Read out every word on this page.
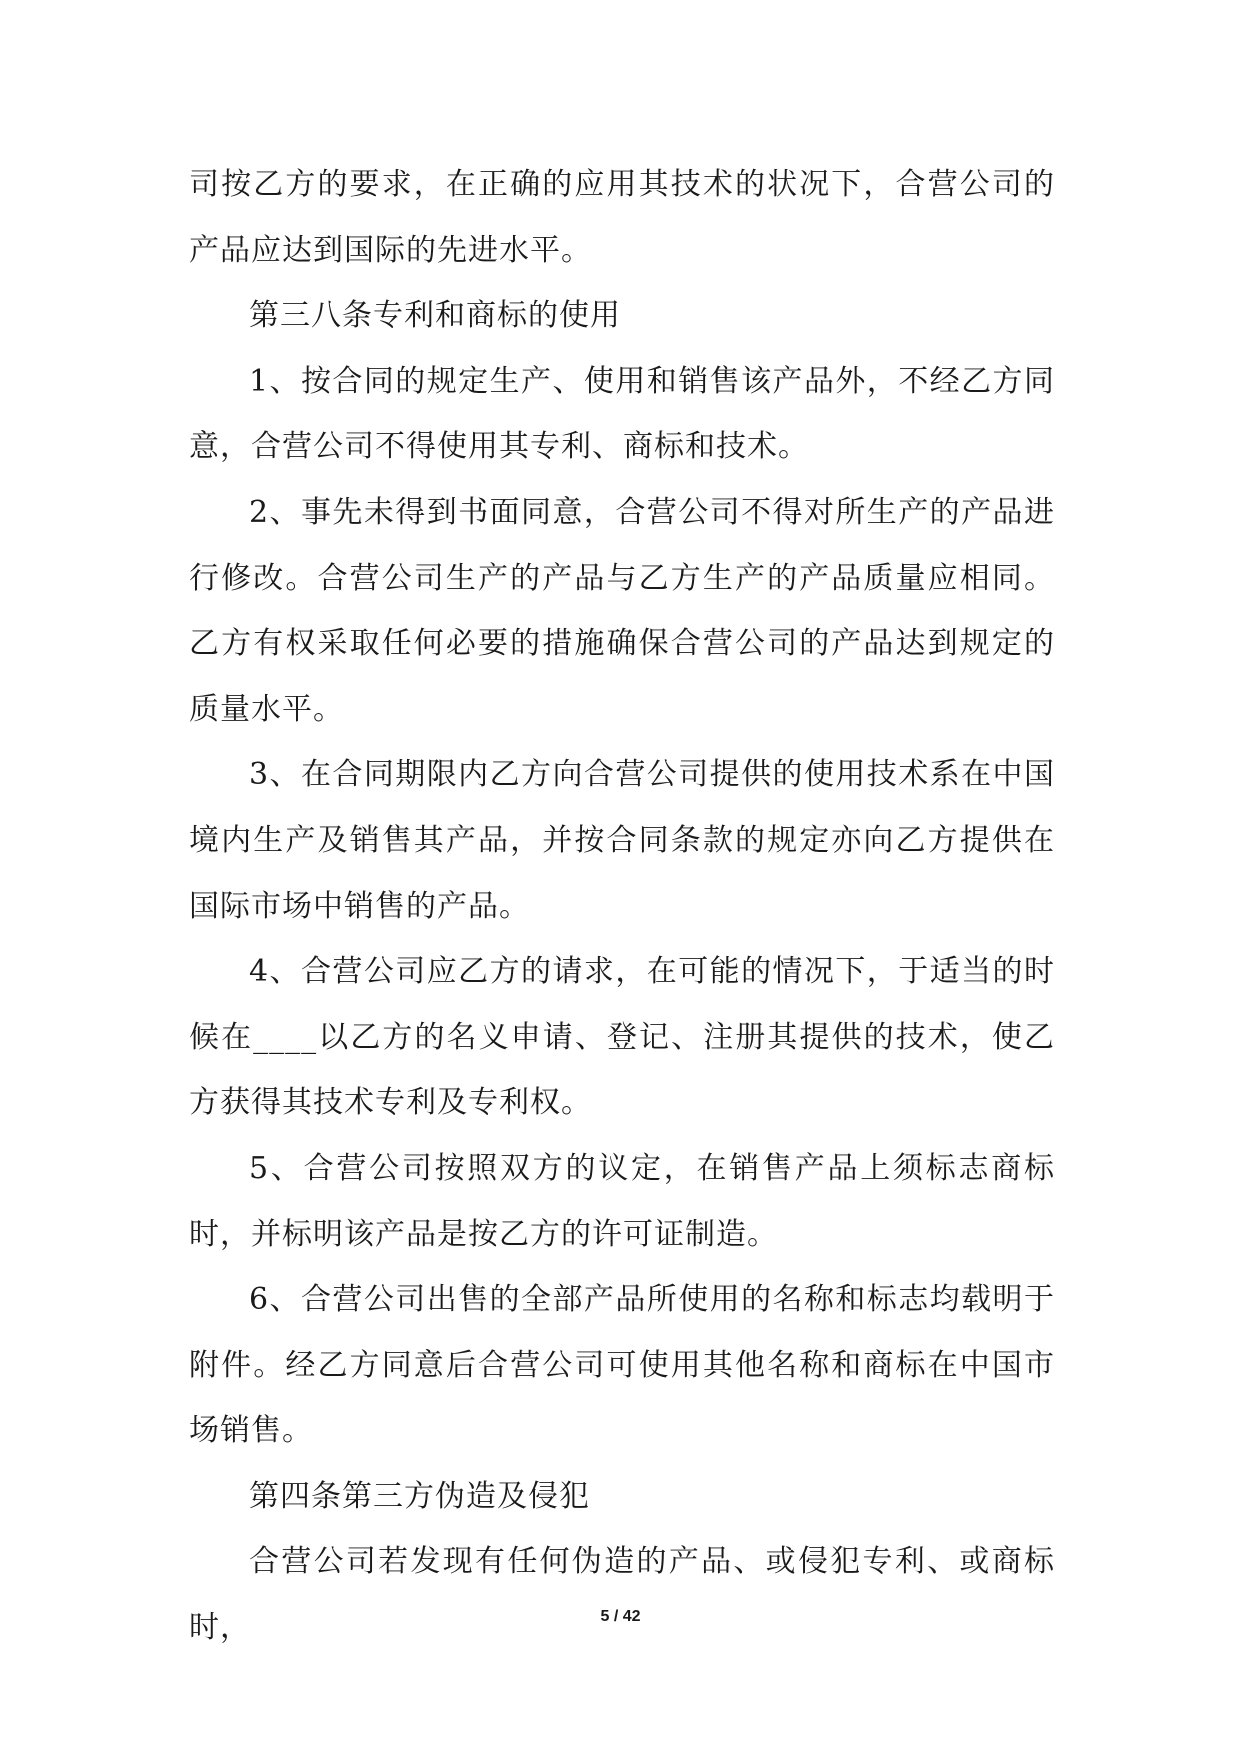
司按乙方的要求，在正确的应用其技术的状况下，合营公司的产品应达到国际的先进水平。

第三八条专利和商标的使用

1、按合同的规定生产、使用和销售该产品外，不经乙方同意，合营公司不得使用其专利、商标和技术。

2、事先未得到书面同意，合营公司不得对所生产的产品进行修改。合营公司生产的产品与乙方生产的产品质量应相同。乙方有权采取任何必要的措施确保合营公司的产品达到规定的质量水平。

3、在合同期限内乙方向合营公司提供的使用技术系在中国境内生产及销售其产品，并按合同条款的规定亦向乙方提供在国际市场中销售的产品。

4、合营公司应乙方的请求，在可能的情况下，于适当的时候在____以乙方的名义申请、登记、注册其提供的技术，使乙方获得其技术专利及专利权。

5、合营公司按照双方的议定，在销售产品上须标志商标时，并标明该产品是按乙方的许可证制造。

6、合营公司出售的全部产品所使用的名称和标志均载明于附件。经乙方同意后合营公司可使用其他名称和商标在中国市场销售。

第四条第三方伪造及侵犯

合营公司若发现有任何伪造的产品、或侵犯专利、或商标时，	5 / 42
